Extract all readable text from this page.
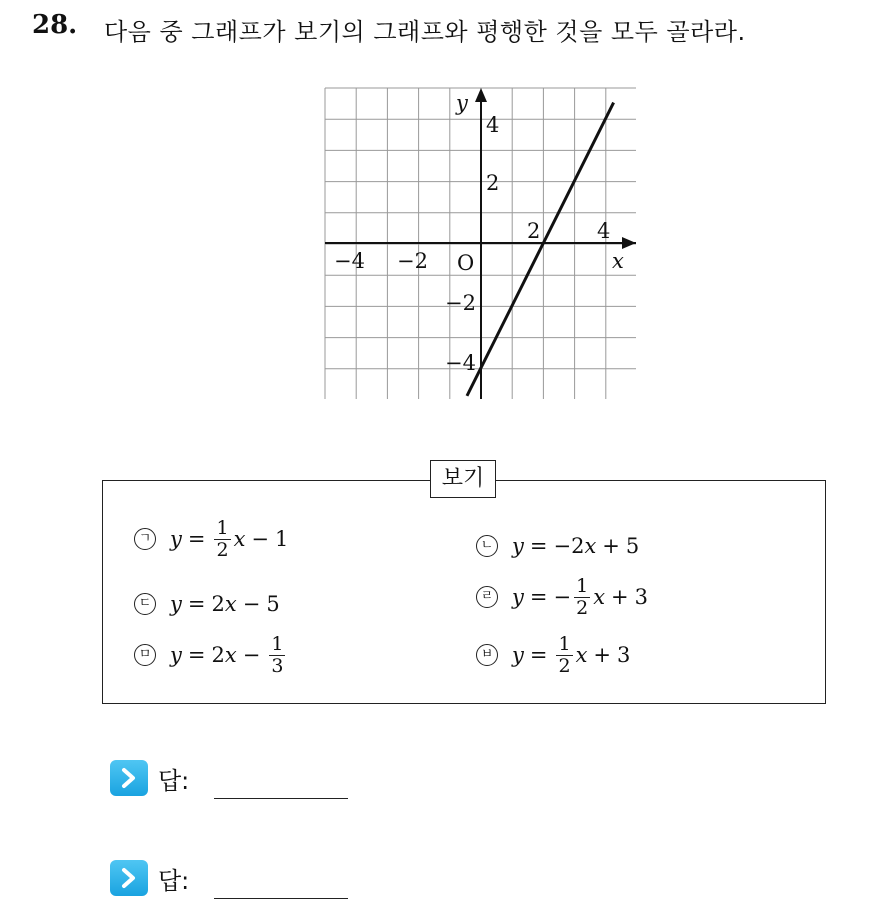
28. 다음 중 그래프가 보기의 그래프와 평행한 것을 모두 골라라.
−4 −2
2	4
4
2
−2
−4
O	x
y
보기
ㄱ $y = \frac{1}{2}$ x − 1	ㄴ y = −2 x + 5
ㄷ y = 2 x − 5	ㄹ y = − $\frac{1}{2}$ x + 3
ㅁ y = 2 $x - \frac{1}{3}$	ㅂ $y = \frac{1}{2}$ x + 3
답:
답:
